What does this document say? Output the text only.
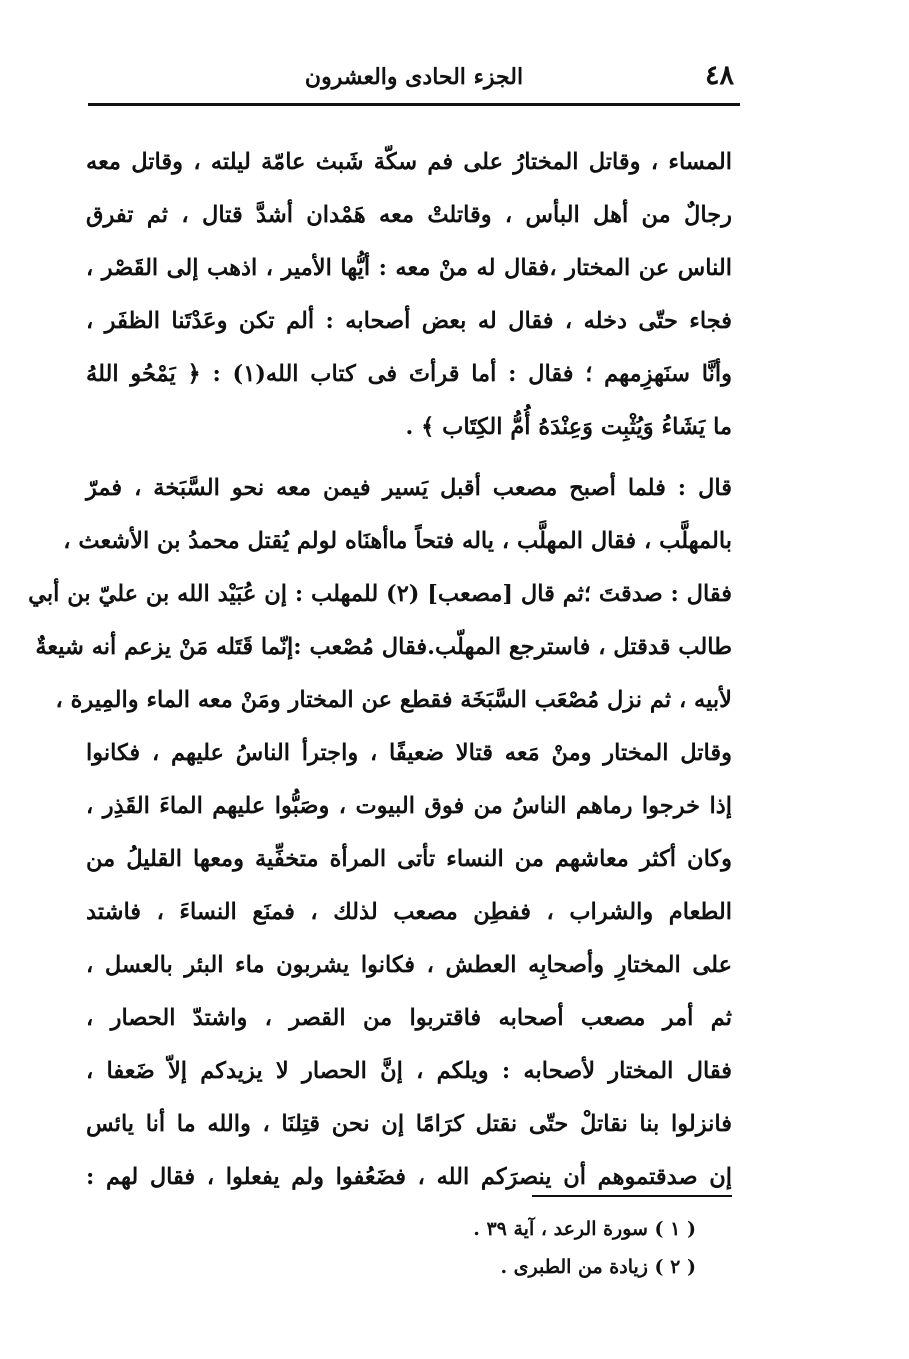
٤٨
الجزء الحادى والعشرون
المساء ، وقاتل المختارُ على فم سكّة شَبث عامّة ليلته ، وقاتل معه
رجالٌ من أهل البأس ، وقاتلتْ معه هَمْدان أشدَّ قتال ، ثم تفرق
الناس عن المختار ،فقال له منْ معه : أيُّها الأمير ، اذهب إلى القَصْر ،
فجاء حتّى دخله ، فقال له بعض أصحابه : ألم تكن وعَدْتَنا الظفَر ،
وأنَّا سنَهزِمهم ؛ فقال : أما قرأتَ فى كتاب الله(١) : ﴿ يَمْحُو اللهُ
ما يَشَاءُ وَيُثْبِت وَعِنْدَهُ أُمُّ الكِتَاب ﴾ .
قال : فلما أصبح مصعب أقبل يَسير فيمن معه نحو السَّبَخة ، فمرّ
بالمهلَّب ، فقال المهلَّب ، ياله فتحاً ماأهنَاه لولم يُقتل محمدُ بن الأشعث ،
فقال : صدقتَ ؛ثم قال [مصعب] (٢) للمهلب : إن عُبَيْد الله بن عليّ بن أبي
طالب قدقتل ، فاسترجع المهلّب.فقال مُصْعب :إنّما قَتَله مَنْ يزعم أنه شيعةٌ
لأبيه ، ثم نزل مُصْعَب السَّبَخَة فقطع عن المختار ومَنْ معه الماء والمِيرة ،
وقاتل المختار ومنْ مَعه قتالا ضعيفًا ، واجترأ الناسُ عليهم ، فكانوا
إذا خرجوا رماهم الناسُ من فوق البيوت ، وصَبُّوا عليهم الماءَ القَذِر ،
وكان أكثر معاشهم من النساء تأتى المرأة متخفِّية ومعها القليلُ من
الطعام والشراب ، ففطِن مصعب لذلك ، فمنَع النساءَ ، فاشتد
على المختارِ وأصحابِه العطش ، فكانوا يشربون ماء البئر بالعسل ،
ثم أمر مصعب أصحابه فاقتربوا من القصر ، واشتدّ الحصار ،
فقال المختار لأصحابه : ويلكم ، إنَّ الحصار لا يزيدكم إلاّ ضَعفا ،
فانزلوا بنا نقاتلْ حتّى نقتل كرَامًا إن نحن قتِلنَا ، والله ما أنا يائس
إن صدقتموهم أن ينصرَكم الله ، فضَعُفوا ولم يفعلوا ، فقال لهم :
( ١ ) سورة الرعد ، آية ٣٩ .
( ٢ ) زيادة من الطبرى .
